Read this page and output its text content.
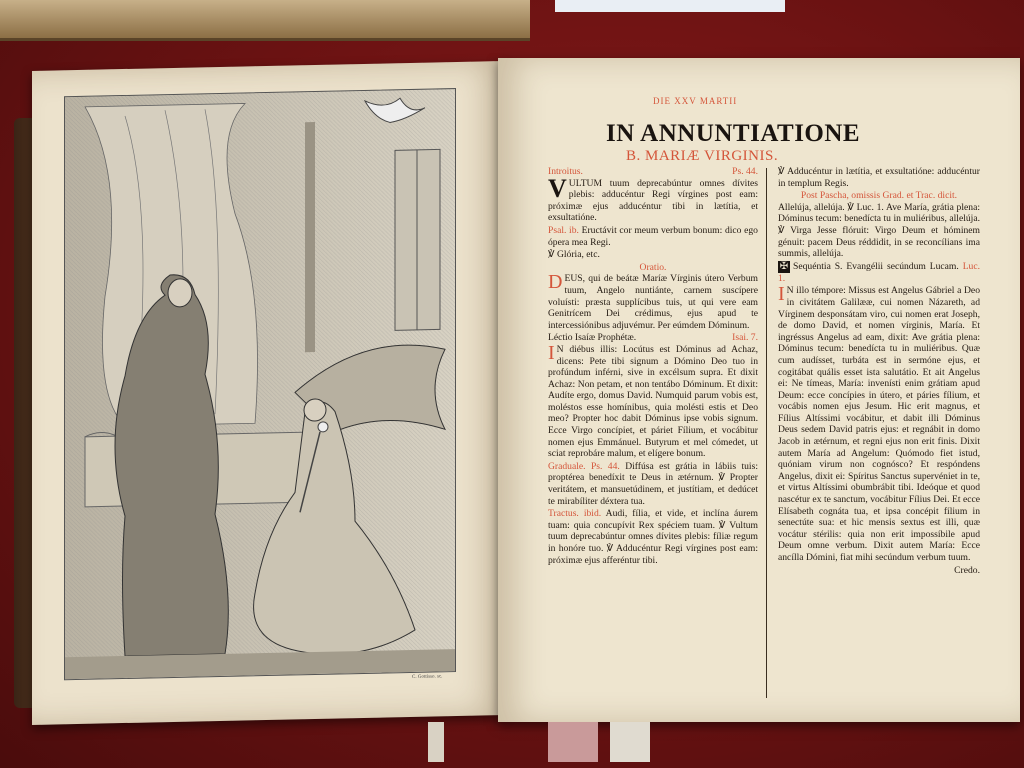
C. Gottisso. sc.
DIE XXV MARTII
IN ANNUNTIATIONE
B. MARIÆ VIRGINIS.
Introitus.	Ps. 44.

VULTUM tuum deprecabúntur omnes dívites plebis: adducéntur Regi vírgines post eam: próximæ ejus adducéntur tibi in lætítia, et exsultatióne.

Psal. ib. Eructávit cor meum verbum bonum: dico ego ópera mea Regi.

℣ Glória, etc.

Oratio.

DEUS, qui de beátæ Maríæ Vírginis útero Verbum tuum, Angelo nuntiánte, carnem suscípere voluísti: præsta supplícibus tuis, ut qui vere eam Genitrícem Dei crédimus, ejus apud te intercessiónibus adjuvémur. Per eúmdem Dóminum.

Léctio Isaíæ Prophétæ.	Isai. 7.

I N diébus illis: Locútus est Dóminus ad Achaz, dicens: Pete tibi signum a Dómino Deo tuo in profúndum inférni, sive in excélsum supra. Et dixit Achaz: Non petam, et non tentábo Dóminum. Et dixit: Audíte ergo, domus David. Numquid parum vobis est, moléstos esse homínibus, quia molésti estis et Deo meo? Propter hoc dabit Dóminus ipse vobis signum. Ecce Virgo concípiet, et páriet Fílium, et vocábitur nomen ejus Emmánuel. Butyrum et mel cómedet, ut sciat reprobáre malum, et elígere bonum.

Graduale. Ps. 44. Diffúsa est grátia in lábiis tuis: proptérea benedíxit te Deus in ætérnum. ℣ Propter veritátem, et mansuetúdinem, et justítiam, et dedúcet te mirabíliter déxtera tua.

Tractus. ibid. Audi, fília, et vide, et inclína áurem tuam: quia concupívit Rex spéciem tuam. ℣ Vultum tuum deprecabúntur omnes dívites plebis: fíliæ regum in honóre tuo. ℣ Adducéntur Regi vírgines post eam: próximæ ejus afferéntur tibi.

℣ Adducéntur in lætítia, et exsultatióne: adducéntur in templum Regis.

Post Pascha, omissis Grad. et Trac. dicit.

Allelúja, allelúja. ℣ Luc. 1. Ave María, grátia plena: Dóminus tecum: benedícta tu in muliéribus, allelúja. ℣ Virga Jesse flóruit: Virgo Deum et hóminem génuit: pacem Deus réddidit, in se reconcílians ima summis, allelúja.

✠ Sequéntia S. Evangélii secúndum Lucam. Luc. 1.

I N illo témpore: Missus est Angelus Gábriel a Deo in civitátem Galilææ, cui nomen Názareth, ad Vírginem desponsátam viro, cui nomen erat Joseph, de domo David, et nomen vírginis, María. Et ingréssus Angelus ad eam, dixit: Ave grátia plena: Dóminus tecum: benedícta tu in muliéribus. Quæ cum audísset, turbáta est in sermóne ejus, et cogitábat quális esset ista salutátio. Et ait Angelus ei: Ne tímeas, María: invenísti enim grátiam apud Deum: ecce concípies in útero, et páries fílium, et vocábis nomen ejus Jesum. Hic erit magnus, et Fílius Altíssimi vocábitur, et dabit illi Dóminus Deus sedem David patris ejus: et regnábit in domo Jacob in ætérnum, et regni ejus non erit finis. Dixit autem María ad Angelum: Quómodo fiet istud, quóniam virum non cognósco? Et respóndens Angelus, dixit ei: Spíritus Sanctus supervéniet in te, et virtus Altíssimi obumbrábit tibi. Ideóque et quod nascétur ex te sanctum, vocábitur Fílius Dei. Et ecce Elísabeth cognáta tua, et ipsa concépit fílium in senectúte sua: et hic mensis sextus est illi, quæ vocátur stérilis: quia non erit impossíbile apud Deum omne verbum. Dixit autem María: Ecce ancílla Dómini, fiat mihi secúndum verbum tuum.

Credo.
